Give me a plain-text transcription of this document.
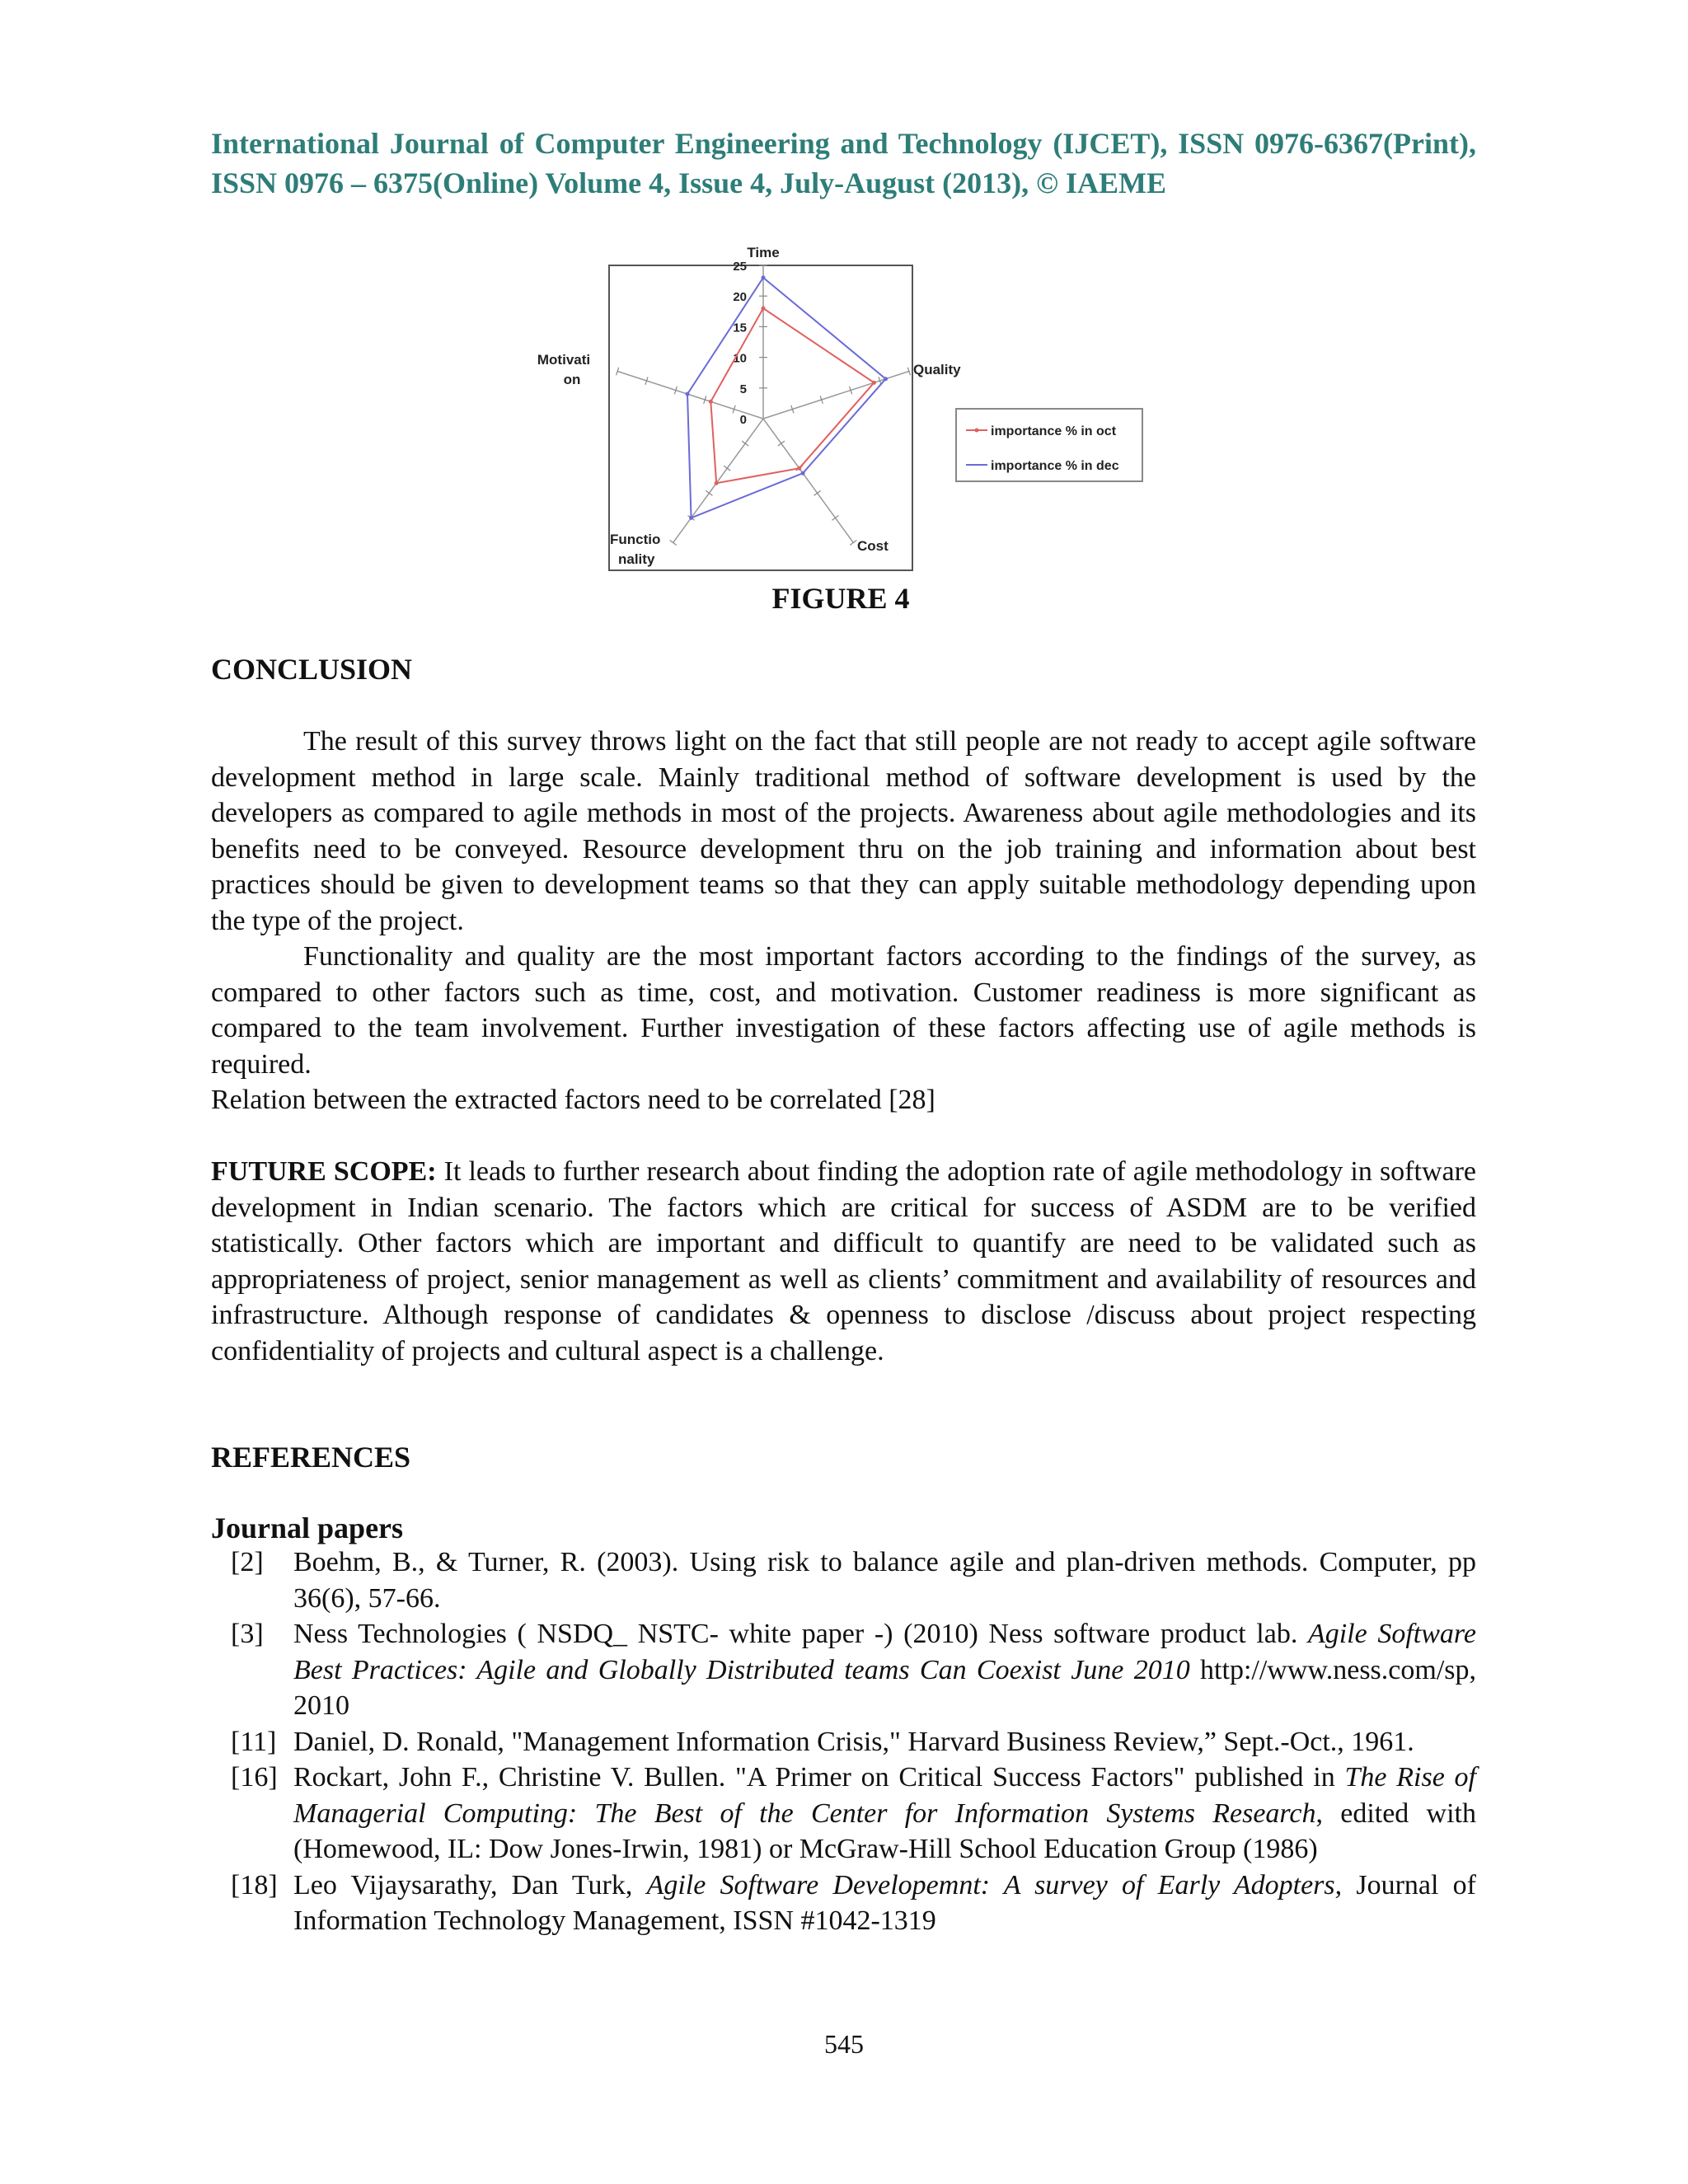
International Journal of Computer Engineering and Technology (IJCET), ISSN 0976-6367(Print), ISSN 0976 – 6375(Online) Volume 4, Issue 4, July-August (2013), © IAEME

0
5
10
15
20
25
Time
Quality
Cost
Functio
nality
Motivati
on
importance % in oct
importance % in dec

FIGURE 4

CONCLUSION

The result of this survey throws light on the fact that still people are not ready to accept agile software development method in large scale. Mainly traditional method of software development is used by the developers as compared to agile methods in most of the projects. Awareness about agile methodologies and its benefits need to be conveyed. Resource development thru on the job training and information about best practices should be given to development teams so that they can apply suitable methodology depending upon the type of the project.

Functionality and quality are the most important factors according to the findings of the survey, as compared to other factors such as time, cost, and motivation. Customer readiness is more significant as compared to the team involvement. Further investigation of these factors affecting use of agile methods is required.

Relation between the extracted factors need to be correlated [28]

FUTURE SCOPE: It leads to further research about finding the adoption rate of agile methodology in software development in Indian scenario. The factors which are critical for success of ASDM are to be verified statistically. Other factors which are important and difficult to quantify are need to be validated such as appropriateness of project, senior management as well as clients’ commitment and availability of resources and infrastructure. Although response of candidates & openness to disclose /discuss about project respecting confidentiality of projects and cultural aspect is a challenge.

REFERENCES
Journal papers
[2]	Boehm, B., & Turner, R. (2003). Using risk to balance agile and plan-driven methods. Computer, pp 36(6), 57-66.
[3]	Ness Technologies ( NSDQ_ NSTC- white paper -) (2010) Ness software product lab. Agile Software Best Practices: Agile and Globally Distributed teams Can Coexist June 2010 http://www.ness.com/sp, 2010
[11] Daniel, D. Ronald, "Management Information Crisis," Harvard Business Review,” Sept.-Oct., 1961.
[16] Rockart, John F., Christine V. Bullen. "A Primer on Critical Success Factors" published in The Rise of Managerial Computing: The Best of the Center for Information Systems Research, edited with (Homewood, IL: Dow Jones-Irwin, 1981) or McGraw-Hill School Education Group (1986)
[18] Leo Vijaysarathy, Dan Turk, Agile Software Developemnt: A survey of Early Adopters, Journal of Information Technology Management, ISSN #1042-1319

545
